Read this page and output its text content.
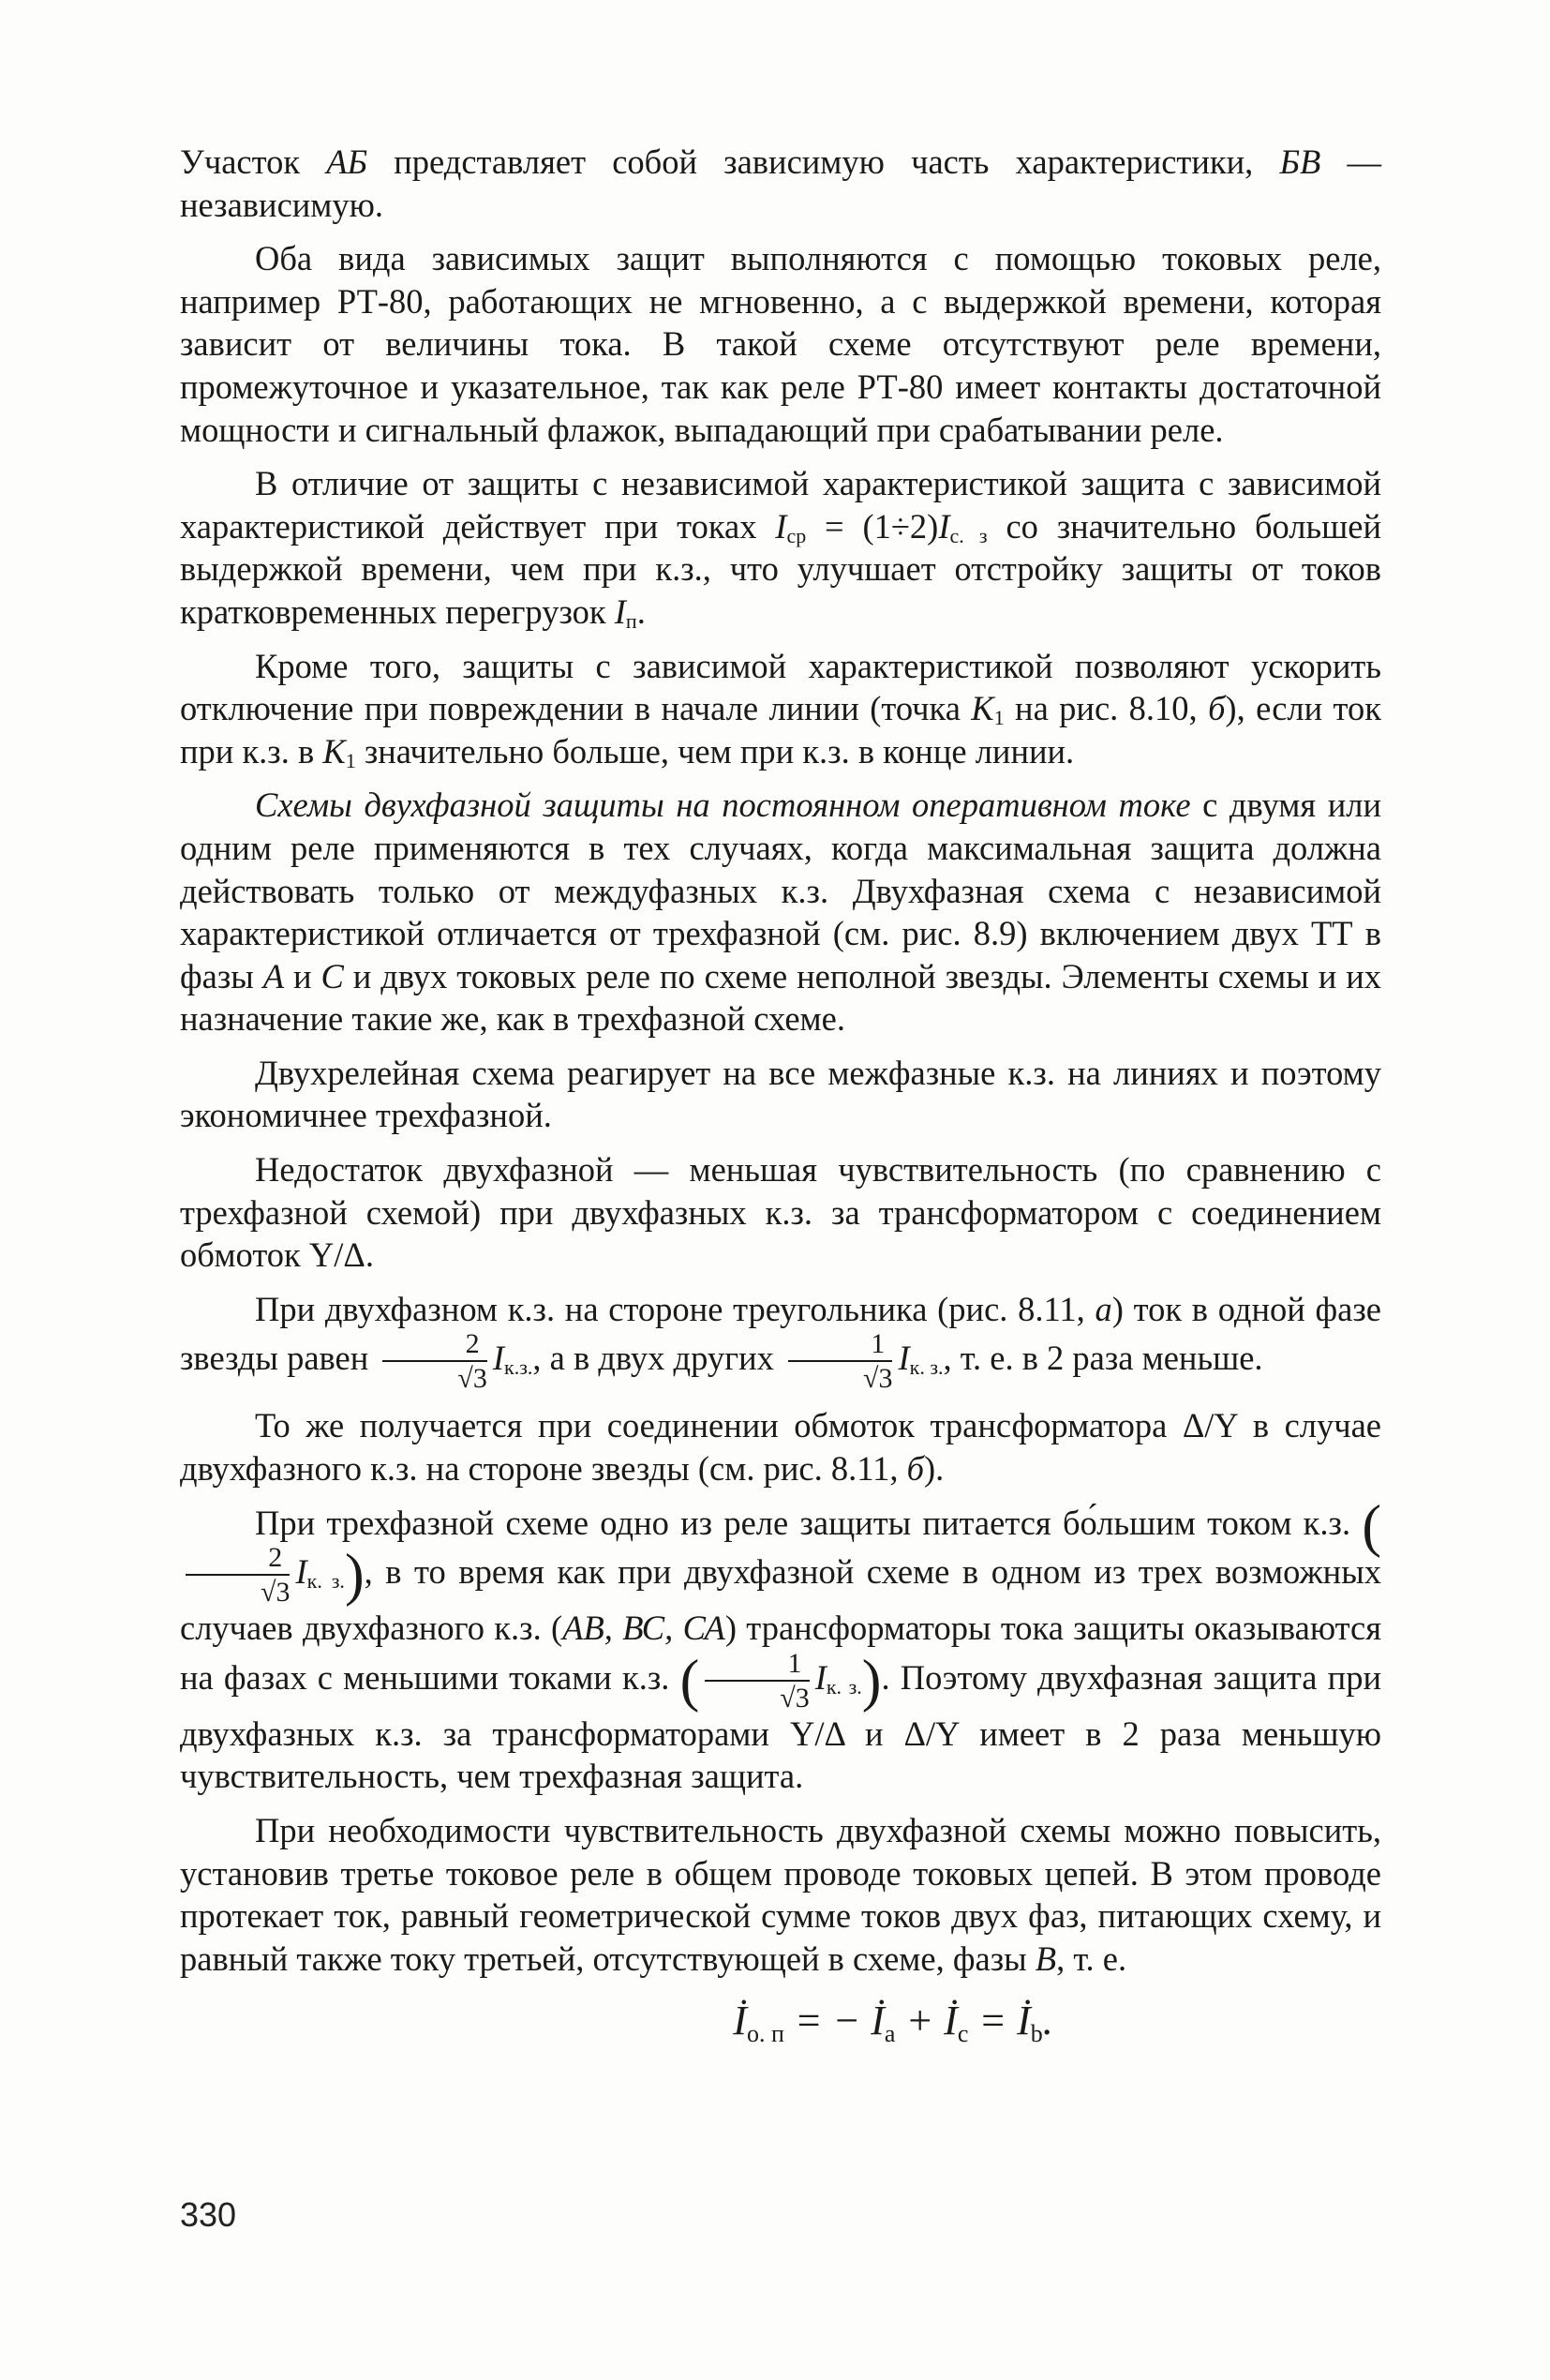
Участок АБ представляет собой зависимую часть характеристики, БВ — независимую.

Оба вида зависимых защит выполняются с помощью токовых реле, например РТ-80, работающих не мгновенно, а с выдержкой времени, которая зависит от величины тока. В такой схеме отсутствуют реле времени, промежуточное и указательное, так как реле РТ-80 имеет контакты достаточной мощности и сигнальный флажок, выпадающий при срабатывании реле.

В отличие от защиты с независимой характеристикой защита с зависимой характеристикой действует при токах $I_{ср} = (1\div 2)I_{с. з}$ со значительно большей выдержкой времени, чем при к.з., что улучшает отстройку защиты от токов кратковременных перегрузок $I_п$.

Кроме того, защиты с зависимой характеристикой позволяют ускорить отключение при повреждении в начале линии (точка $K_1$ на рис. 8.10, б), если ток при к.з. в $K_1$ значительно больше, чем при к.з. в конце линии.

Схемы двухфазной защиты на постоянном оперативном токе с двумя или одним реле применяются в тех случаях, когда максимальная защита должна действовать только от междуфазных к.з. Двухфазная схема с независимой характеристикой отличается от трехфазной (см. рис. 8.9) включением двух ТТ в фазы А и С и двух токовых реле по схеме неполной звезды. Элементы схемы и их назначение такие же, как в трехфазной схеме.

Двухрелейная схема реагирует на все межфазные к.з. на линиях и поэтому экономичнее трехфазной.

Недостаток двухфазной — меньшая чувствительность (по сравнению с трехфазной схемой) при двухфазных к.з. за трансформатором с соединением обмоток Y/Δ.

При двухфазном к.з. на стороне треугольника (рис. 8.11, а) ток в одной фазе звезды равен $\frac{2}{√3} I_{к.з.}$, а в двух других $\frac{1}{√3} I_{к. з.}$, т. е. в 2 раза меньше.

То же получается при соединении обмоток трансформатора Δ/Y в случае двухфазного к.з. на стороне звезды (см. рис. 8.11, б).

При трехфазной схеме одно из реле защиты питается бо́льшим током к.з. (
$\frac{2}{√3} I_{к. з.}$), в то время как при двухфазной схеме в одном из трех возможных случаев двухфазного к.з. (АВ, ВС, СА) трансформаторы тока защиты оказываются на фазах с меньшими токами к.з. ( $\frac{1}{√3} I_{к. з.}$). Поэтому двухфазная защита при двухфазных к.з. за трансформаторами Y/Δ и Δ/Y имеет в 2 раза меньшую чувствительность, чем трехфазная защита.

При необходимости чувствительность двухфазной схемы можно повысить, установив третье токовое реле в общем проводе токовых цепей. В этом проводе протекает ток, равный геометрической сумме токов двух фаз, питающих схему, и равный также току третьей, отсутствующей в схеме, фазы В, т. е.

$İ_{о. п}$ = − $İ_a$ + $İ_c$ = $İ_b$.
330
